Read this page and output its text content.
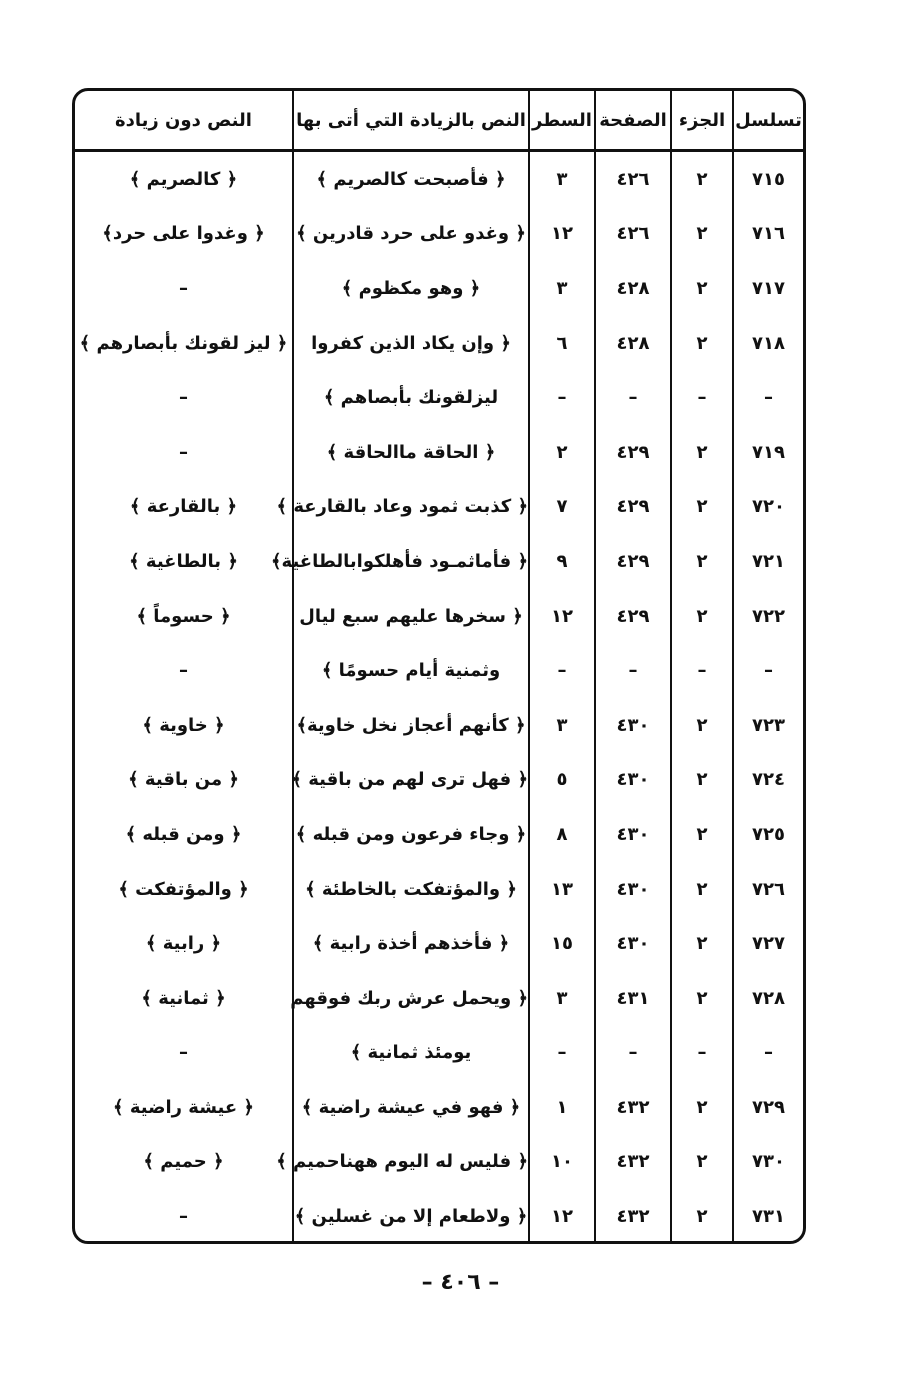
تسلسل	الجزء	الصفحة	السطر	النص بالزيادة التي أتى بها	النص دون زيادة
٧١٥	٢	٤٢٦	٣	﴿ فأصبحت كالصريم ﴾	﴿ كالصريم ﴾
٧١٦	٢	٤٢٦	١٢	﴿ وغدو على حرد قادرين ﴾	﴿ وغدوا على حرد﴾
٧١٧	٢	٤٢٨	٣	﴿ وهو مكظوم ﴾	–
٧١٨	٢	٤٢٨	٦	﴿ وإن يكاد الذين كفروا	﴿ ليز لقونك بأبصارهم ﴾
–	–	–	–	ليزلقونك بأبصاهم ﴾	–
٧١٩	٢	٤٢٩	٢	﴿ الحاقة ماالحاقة ﴾	–
٧٢٠	٢	٤٢٩	٧	﴿ كذبت ثمود وعاد بالقارعة ﴾	﴿ بالقارعة ﴾
٧٢١	٢	٤٢٩	٩	﴿ فأماثمـود فأهلكوابالطاغية﴾	﴿ بالطاغية ﴾
٧٢٢	٢	٤٢٩	١٢	﴿ سخرها عليهم سبع ليال	﴿ حسوماً ﴾
–	–	–	–	وثمنية أيام حسومًا ﴾	–
٧٢٣	٢	٤٣٠	٣	﴿ كأنهم أعجاز نخل خاوية﴾	﴿ خاوية ﴾
٧٢٤	٢	٤٣٠	٥	﴿ فهل ترى لهم من باقية ﴾	﴿ من باقية ﴾
٧٢٥	٢	٤٣٠	٨	﴿ وجاء فرعون ومن قبله ﴾	﴿ ومن قبله ﴾
٧٢٦	٢	٤٣٠	١٣	﴿ والمؤتفكت بالخاطئة ﴾	﴿ والمؤتفكت ﴾
٧٢٧	٢	٤٣٠	١٥	﴿ فأخذهم أخذة رابية ﴾	﴿ رابية ﴾
٧٢٨	٢	٤٣١	٣	﴿ ويحمل عرش ربك فوقهم	﴿ ثمانية ﴾
–	–	–	–	يومئذ ثمانية ﴾	–
٧٢٩	٢	٤٣٢	١	﴿ فهو في عيشة راضية ﴾	﴿ عيشة راضية ﴾
٧٣٠	٢	٤٣٢	١٠	﴿ فليس له اليوم ههناحميم ﴾	﴿ حميم ﴾
٧٣١	٢	٤٣٢	١٢	﴿ ولاطعام إلا من غسلين ﴾	–
– ٤٠٦ –
